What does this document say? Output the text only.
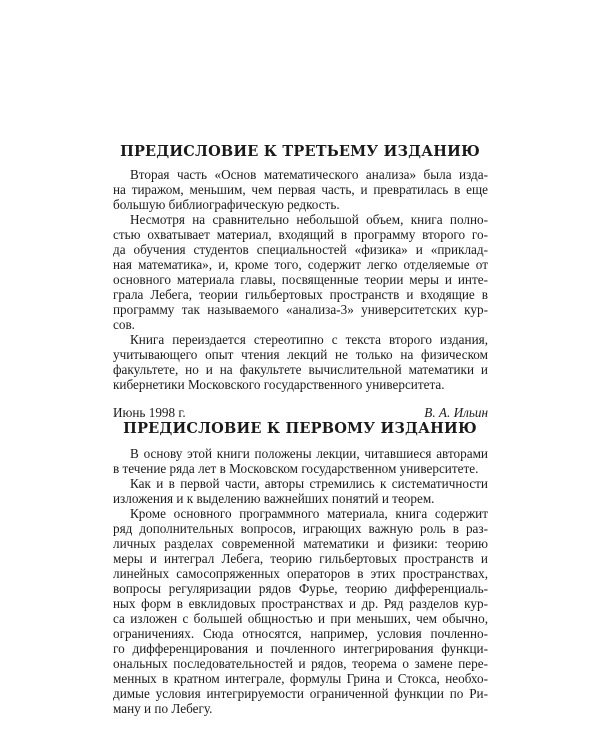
ПРЕДИСЛОВИЕ К ТРЕТЬЕМУ ИЗДАНИЮ

Вторая часть «Основ математического анализа» была изда-

на тиражом, меньшим, чем первая часть, и превратилась в еще

большую библиографическую редкость.

Несмотря на сравнительно небольшой объем, книга полно-

стью охватывает материал, входящий в программу второго го-

да обучения студентов специальностей «физика» и «приклад-

ная математика», и, кроме того, содержит легко отделяемые от

основного материала главы, посвященные теории меры и инте-

грала Лебега, теории гильбертовых пространств и входящие в

программу так называемого «анализа-3» университетских кур-

сов.

Книга переиздается стереотипно с текста второго издания,

учитывающего опыт чтения лекций не только на физическом

факультете, но и на факультете вычислительной математики и

кибернетики Московского государственного университета.

Июнь 1998 г.	В. А. Ильин
ПРЕДИСЛОВИЕ К ПЕРВОМУ ИЗДАНИЮ

В основу этой книги положены лекции, читавшиеся авторами

в течение ряда лет в Московском государственном университете.

Как и в первой части, авторы стремились к систематичности

изложения и к выделению важнейших понятий и теорем.

Кроме основного программного материала, книга содержит

ряд дополнительных вопросов, играющих важную роль в раз-

личных разделах современной математики и физики: теорию

меры и интеграл Лебега, теорию гильбертовых пространств и

линейных самосопряженных операторов в этих пространствах,

вопросы регуляризации рядов Фурье, теорию дифференциаль-

ных форм в евклидовых пространствах и др. Ряд разделов кур-

са изложен с большей общностью и при меньших, чем обычно,

ограничениях. Сюда относятся, например, условия почленно-

го дифференцирования и почленного интегрирования функци-

ональных последовательностей и рядов, теорема о замене пере-

менных в кратном интеграле, формулы Грина и Стокса, необхо-

димые условия интегрируемости ограниченной функции по Ри-

ману и по Лебегу.
